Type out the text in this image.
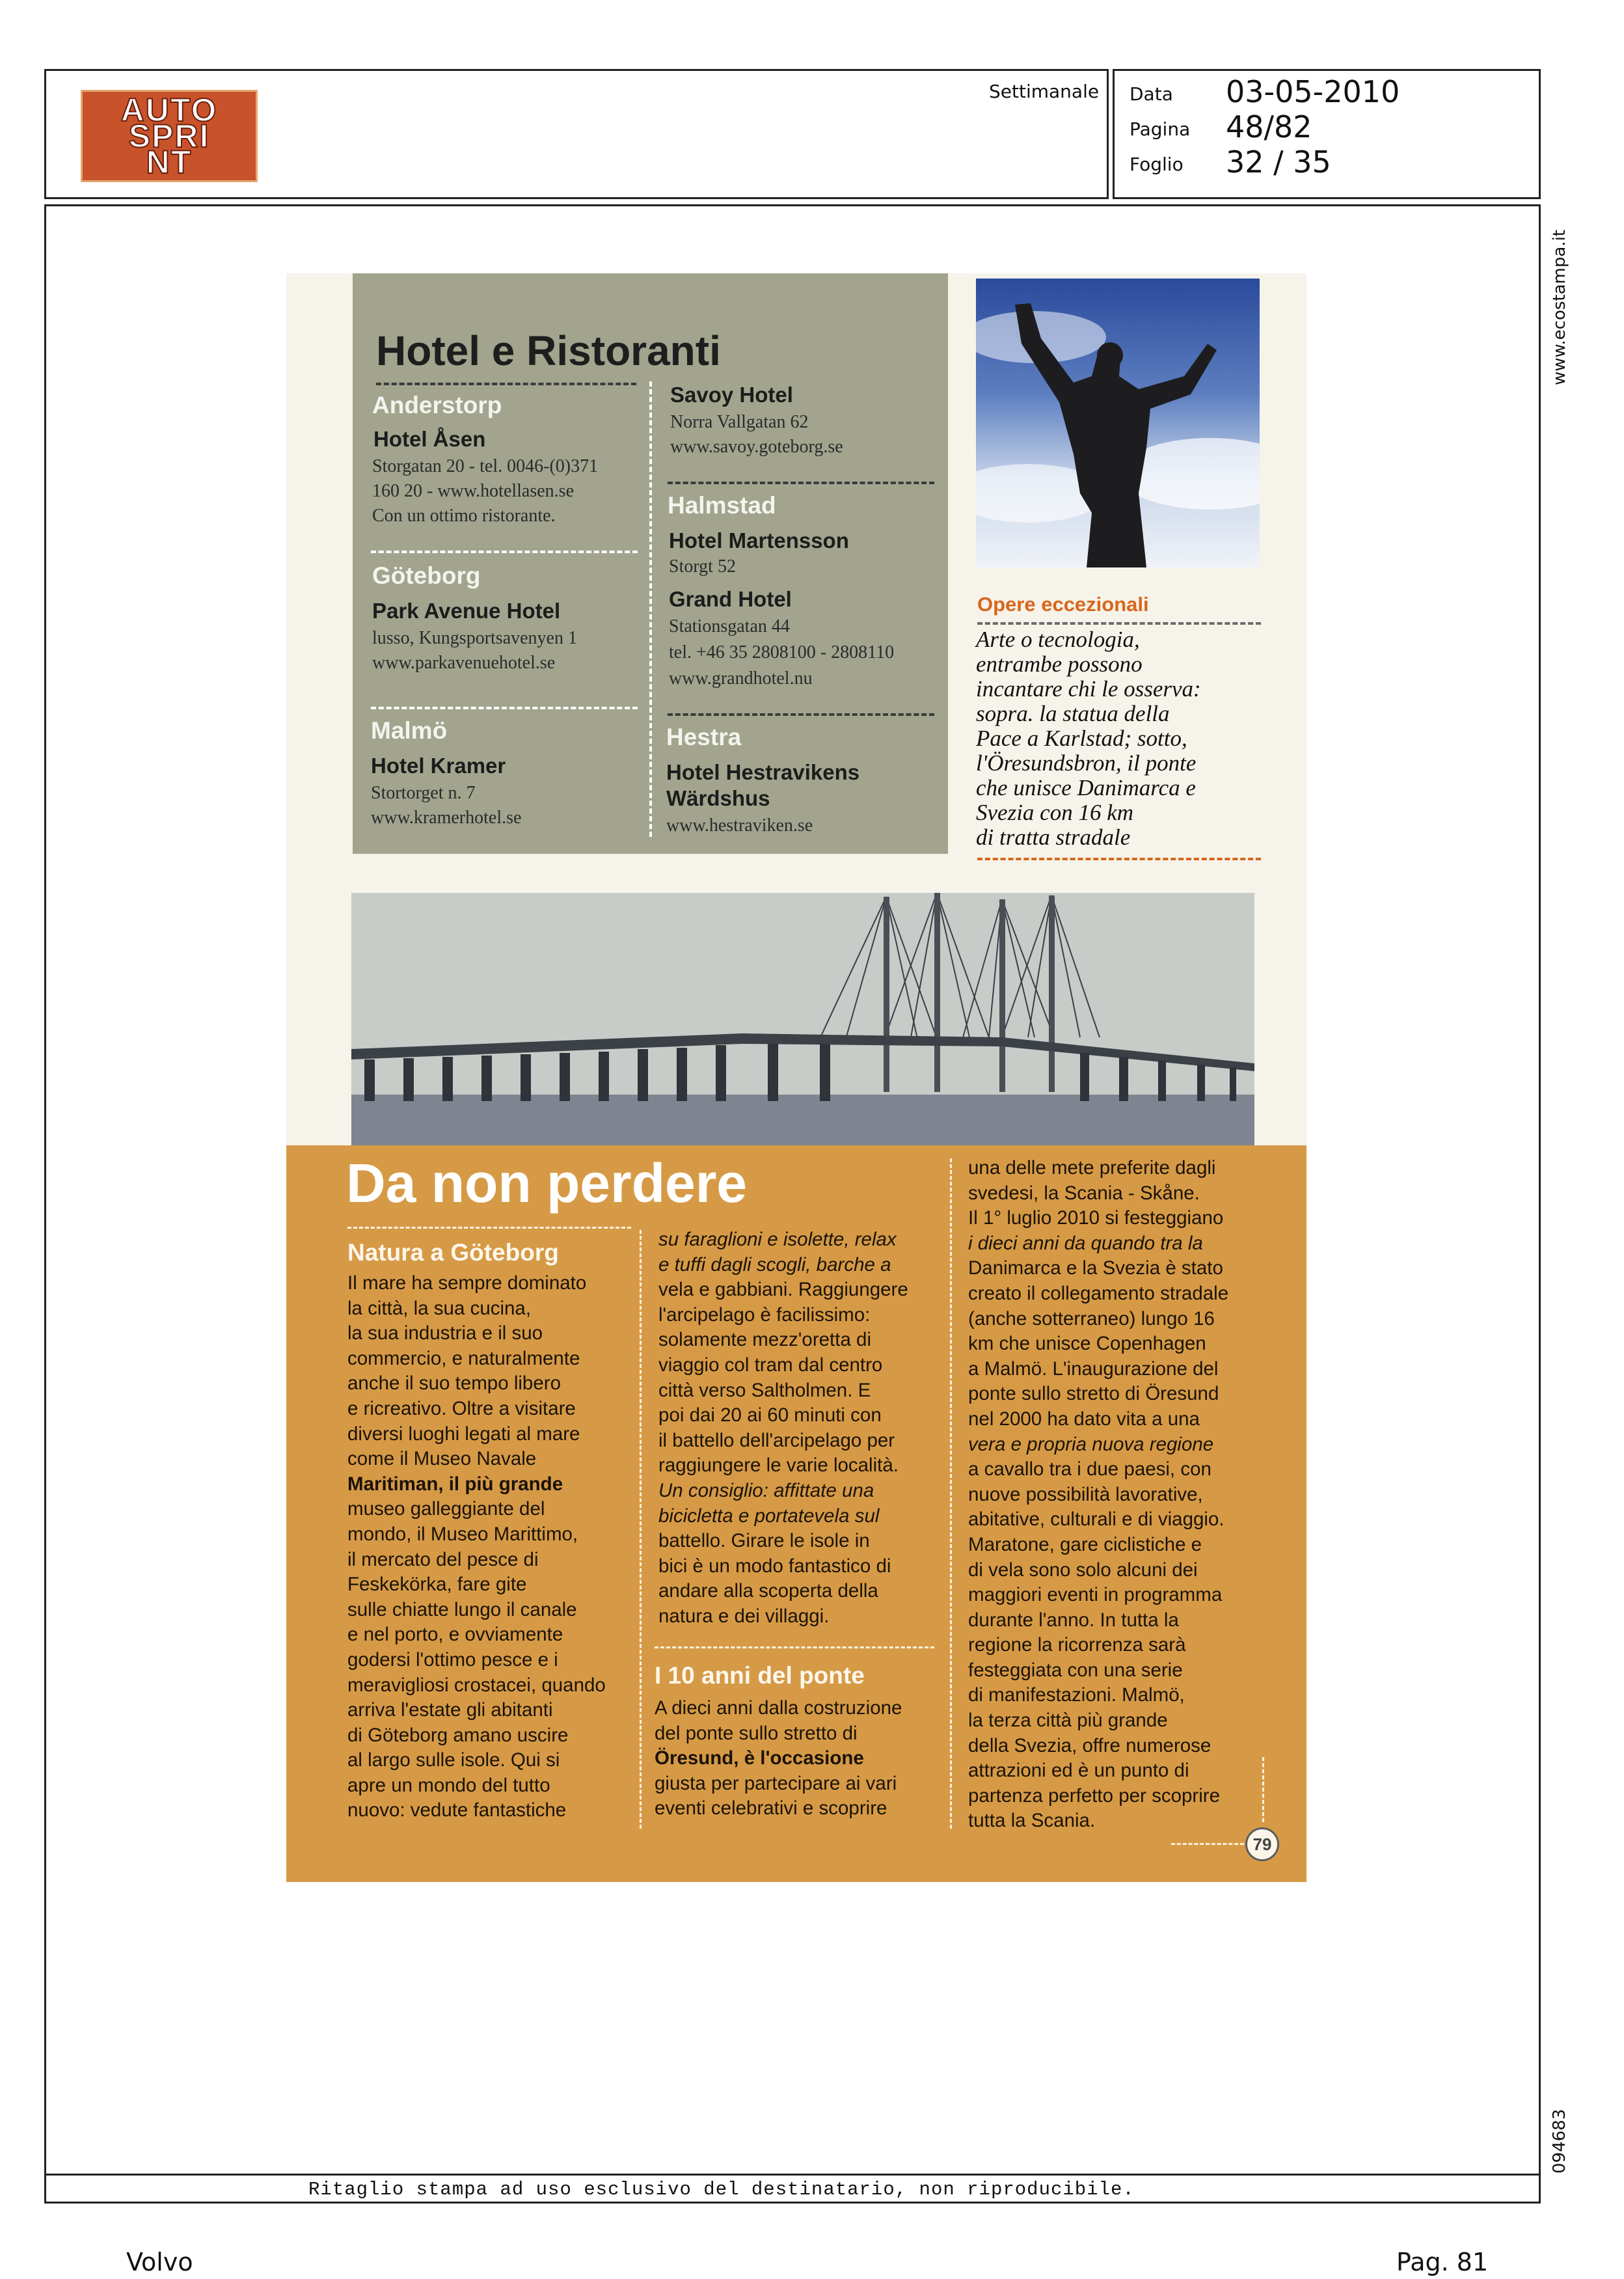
AUTO
SPRI
NT
Settimanale Data 03-05-2010
Pagina 48/82
Foglio 32 / 35
www.ecostampa.it
094683
Hotel e Ristoranti
Anderstorp
Hotel Åsen
Storgatan 20 - tel. 0046-(0)371
160 20 - www.hotellasen.se
Con un ottimo ristorante.
Göteborg
Park Avenue Hotel
lusso, Kungsportsavenyen 1
www.parkavenuehotel.se
Malmö
Hotel Kramer
Stortorget n. 7
www.kramerhotel.se
Savoy Hotel
Norra Vallgatan 62
www.savoy.goteborg.se
Halmstad
Hotel Martensson
Storgt 52
Grand Hotel
Stationsgatan 44
tel. +46 35 2808100 - 2808110
www.grandhotel.nu
Hestra
Hotel Hestravikens
Wärdshus
www.hestraviken.se
Opere eccezionali
Arte o tecnologia,
entrambe possono
incantare chi le osserva:
sopra. la statua della
Pace a Karlstad; sotto,
l'Öresundsbron, il ponte
che unisce Danimarca e
Svezia con 16 km
di tratta stradale
Da non perdere
Natura a Göteborg
Il mare ha sempre dominato
la città, la sua cucina,
la sua industria e il suo
commercio, e naturalmente
anche il suo tempo libero
e ricreativo. Oltre a visitare
diversi luoghi legati al mare
come il Museo Navale
Maritiman, il più grande
museo galleggiante del
mondo, il Museo Marittimo,
il mercato del pesce di
Feskekörka, fare gite
sulle chiatte lungo il canale
e nel porto, e ovviamente
godersi l'ottimo pesce e i
meravigliosi crostacei, quando
arriva l'estate gli abitanti
di Göteborg amano uscire
al largo sulle isole. Qui si
apre un mondo del tutto
nuovo: vedute fantastiche
su faraglioni e isolette, relax
e tuffi dagli scogli, barche a
vela e gabbiani. Raggiungere
l'arcipelago è facilissimo:
solamente mezz'oretta di
viaggio col tram dal centro
città verso Saltholmen. E
poi dai 20 ai 60 minuti con
il battello dell'arcipelago per
raggiungere le varie località.
Un consiglio: affittate una
bicicletta e portatevela sul
battello. Girare le isole in
bici è un modo fantastico di
andare alla scoperta della
natura e dei villaggi.
I 10 anni del ponte
A dieci anni dalla costruzione
del ponte sullo stretto di
Öresund, è l'occasione
giusta per partecipare ai vari
eventi celebrativi e scoprire
una delle mete preferite dagli
svedesi, la Scania - Skåne.
Il 1° luglio 2010 si festeggiano
i dieci anni da quando tra la
Danimarca e la Svezia è stato
creato il collegamento stradale
(anche sotterraneo) lungo 16
km che unisce Copenhagen
a Malmö. L'inaugurazione del
ponte sullo stretto di Öresund
nel 2000 ha dato vita a una
vera e propria nuova regione
a cavallo tra i due paesi, con
nuove possibilità lavorative,
abitative, culturali e di viaggio.
Maratone, gare ciclistiche e
di vela sono solo alcuni dei
maggiori eventi in programma
durante l'anno. In tutta la
regione la ricorrenza sarà
festeggiata con una serie
di manifestazioni. Malmö,
la terza città più grande
della Svezia, offre numerose
attrazioni ed è un punto di
partenza perfetto per scoprire
tutta la Scania.
79
Ritaglio stampa ad uso esclusivo del destinatario, non riproducibile.
Volvo	Pag. 81
